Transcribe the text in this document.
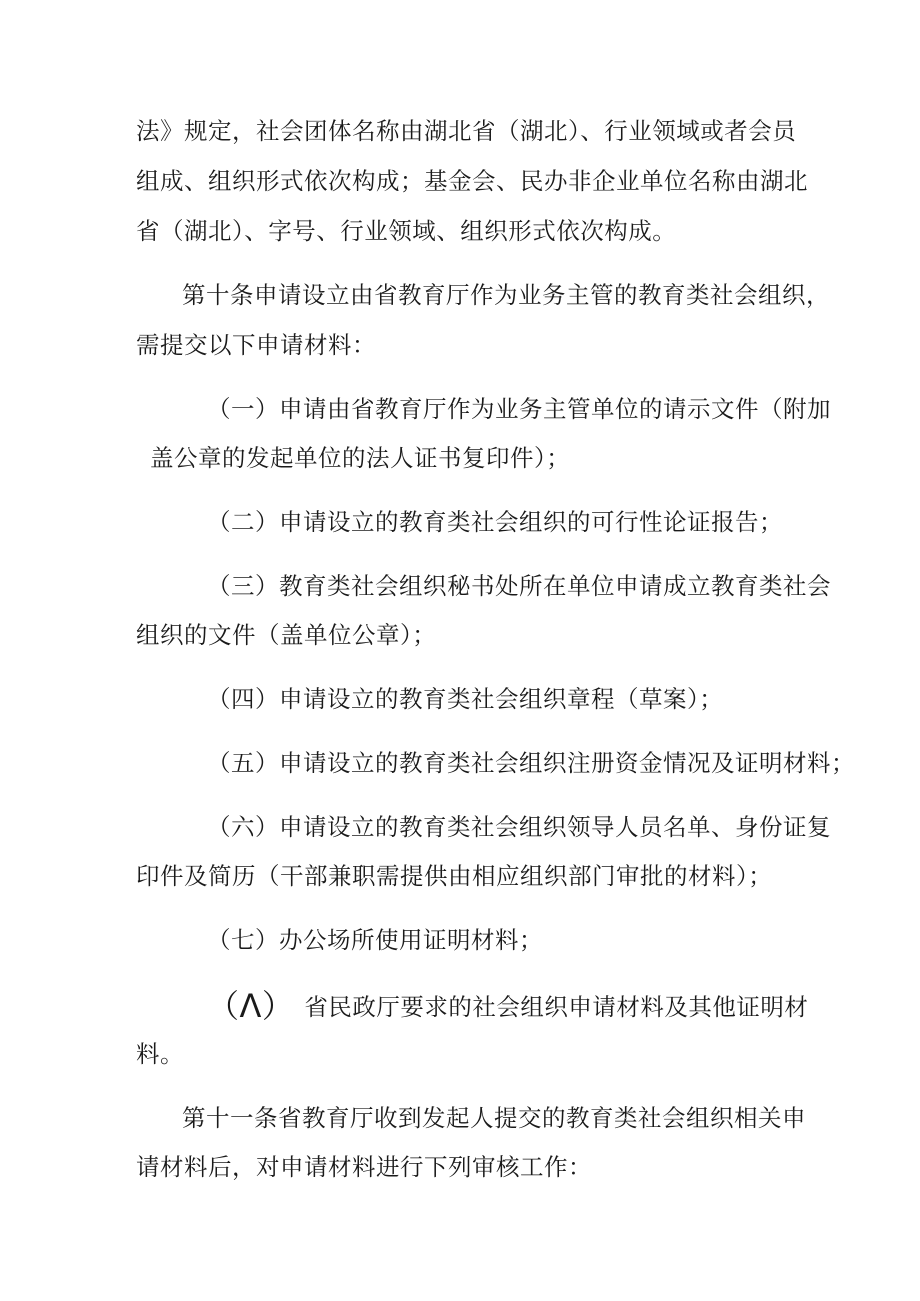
法》规定，社会团体名称由湖北省（湖北）、行业领域或者会员
组成、组织形式依次构成；基金会、民办非企业单位名称由湖北
省（湖北）、字号、行业领域、组织形式依次构成。
第十条申请设立由省教育厅作为业务主管的教育类社会组织，
需提交以下申请材料：
（一）申请由省教育厅作为业务主管单位的请示文件（附加
盖公章的发起单位的法人证书复印件）；
（二）申请设立的教育类社会组织的可行性论证报告；
（三）教育类社会组织秘书处所在单位申请成立教育类社会
组织的文件（盖单位公章）；
（四）申请设立的教育类社会组织章程（草案）；
（五）申请设立的教育类社会组织注册资金情况及证明材料；
（六）申请设立的教育类社会组织领导人员名单、身份证复
印件及简历（干部兼职需提供由相应组织部门审批的材料）；
（七）办公场所使用证明材料；
（Λ） 省民政厅要求的社会组织申请材料及其他证明材
料。
第十一条省教育厅收到发起人提交的教育类社会组织相关申
请材料后，对申请材料进行下列审核工作：
